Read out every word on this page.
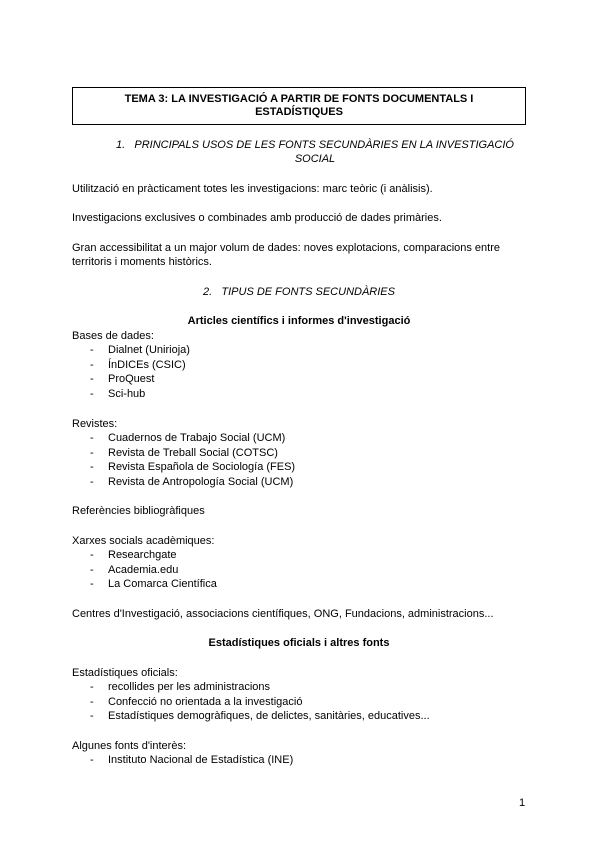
TEMA 3: LA INVESTIGACIÓ A PARTIR DE FONTS DOCUMENTALS I ESTADÍSTIQUES
1. PRINCIPALS USOS DE LES FONTS SECUNDÀRIES EN LA INVESTIGACIÓ
SOCIAL
Utilització en pràcticament totes les investigacions: marc teòric (i anàlisis).
Investigacions exclusives o combinades amb producció de dades primàries.
Gran accessibilitat a un major volum de dades: noves explotacions, comparacions entre territoris i moments històrics.
2. TIPUS DE FONTS SECUNDÀRIES
Articles científics i informes d'investigació
Bases de dades:
- Dialnet (Unirioja)
- ÍnDICEs (CSIC)
- ProQuest
- Sci-hub
Revistes:
- Cuadernos de Trabajo Social (UCM)
- Revista de Treball Social (COTSC)
- Revista Española de Sociología (FES)
- Revista de Antropología Social (UCM)
Referències bibliogràfiques
Xarxes socials acadèmiques:
- Researchgate
- Academia.edu
- La Comarca Científica
Centres d'Investigació, associacions científiques, ONG, Fundacions, administracions...
Estadístiques oficials i altres fonts
Estadístiques oficials:
- recollides per les administracions
- Confecció no orientada a la investigació
- Estadístiques demogràfiques, de delictes, sanitàries, educatives...
Algunes fonts d'interès:
- Instituto Nacional de Estadística (INE)
1
